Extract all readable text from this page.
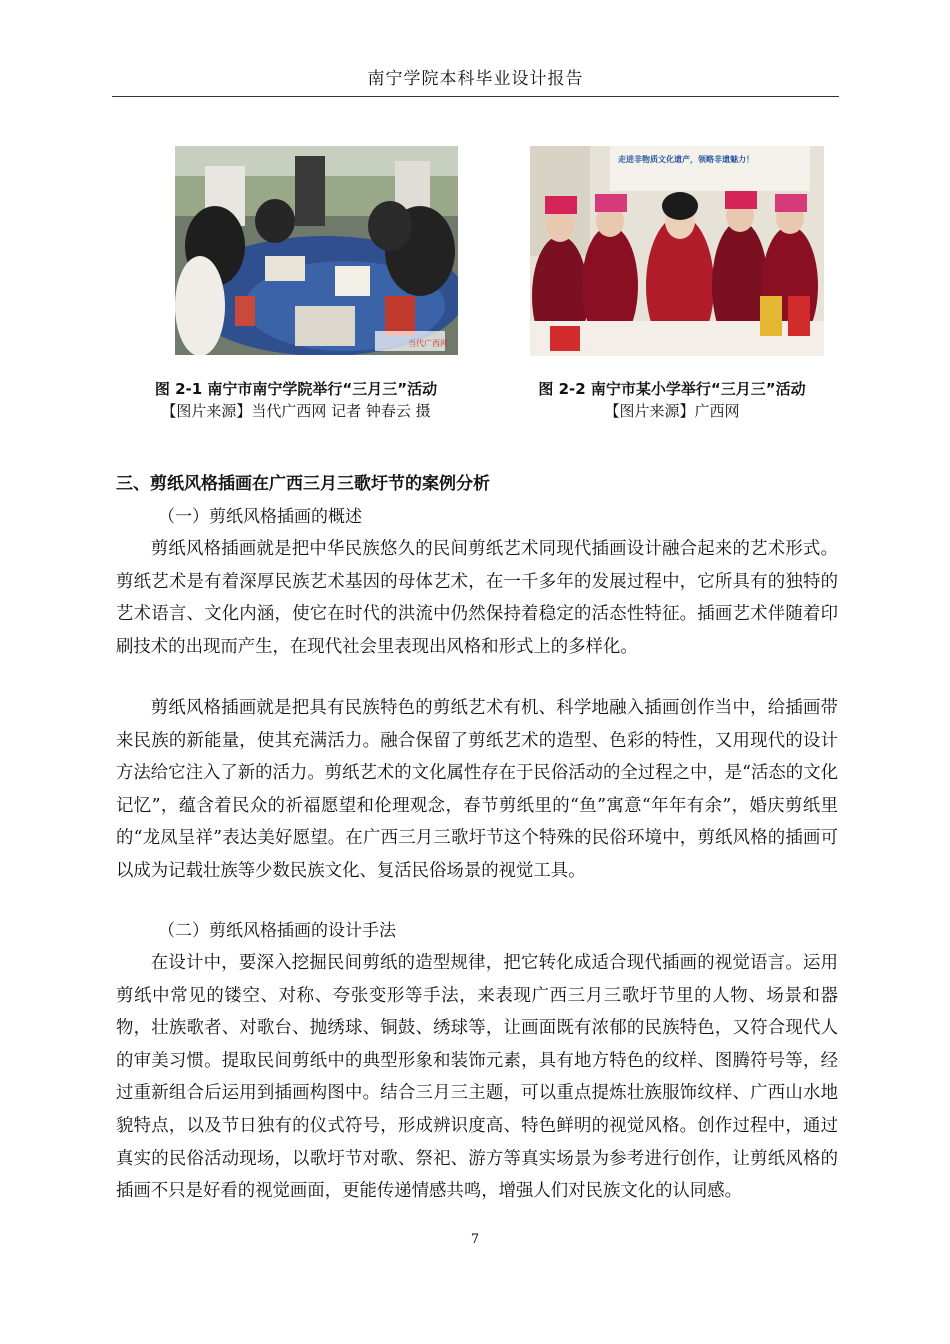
南宁学院本科毕业设计报告
当代广西网
走进非物质文化遗产，领略非遗魅力！
图 2-1 南宁市南宁学院举行“三月三”活动
【图片来源】当代广西网 记者 钟春云 摄
图 2-2 南宁市某小学举行“三月三”活动
【图片来源】广西网
三、剪纸风格插画在广西三月三歌圩节的案例分析
（一）剪纸风格插画的概述
剪纸风格插画就是把中华民族悠久的民间剪纸艺术同现代插画设计融合起来的艺术形式。剪纸艺术是有着深厚民族艺术基因的母体艺术，在一千多年的发展过程中，它所具有的独特的艺术语言、文化内涵，使它在时代的洪流中仍然保持着稳定的活态性特征。插画艺术伴随着印刷技术的出现而产生，在现代社会里表现出风格和形式上的多样化。
剪纸风格插画就是把具有民族特色的剪纸艺术有机、科学地融入插画创作当中，给插画带来民族的新能量，使其充满活力。融合保留了剪纸艺术的造型、色彩的特性，又用现代的设计方法给它注入了新的活力。剪纸艺术的文化属性存在于民俗活动的全过程之中，是“活态的文化记忆”，蕴含着民众的祈福愿望和伦理观念，春节剪纸里的“鱼”寓意“年年有余”，婚庆剪纸里的“龙凤呈祥”表达美好愿望。在广西三月三歌圩节这个特殊的民俗环境中，剪纸风格的插画可以成为记载壮族等少数民族文化、复活民俗场景的视觉工具。
（二）剪纸风格插画的设计手法
在设计中，要深入挖掘民间剪纸的造型规律，把它转化成适合现代插画的视觉语言。运用剪纸中常见的镂空、对称、夸张变形等手法，来表现广西三月三歌圩节里的人物、场景和器物，壮族歌者、对歌台、抛绣球、铜鼓、绣球等，让画面既有浓郁的民族特色，又符合现代人的审美习惯。提取民间剪纸中的典型形象和装饰元素，具有地方特色的纹样、图腾符号等，经过重新组合后运用到插画构图中。结合三月三主题，可以重点提炼壮族服饰纹样、广西山水地貌特点，以及节日独有的仪式符号，形成辨识度高、特色鲜明的视觉风格。创作过程中，通过真实的民俗活动现场，以歌圩节对歌、祭祀、游方等真实场景为参考进行创作，让剪纸风格的插画不只是好看的视觉画面，更能传递情感共鸣，增强人们对民族文化的认同感。
7
